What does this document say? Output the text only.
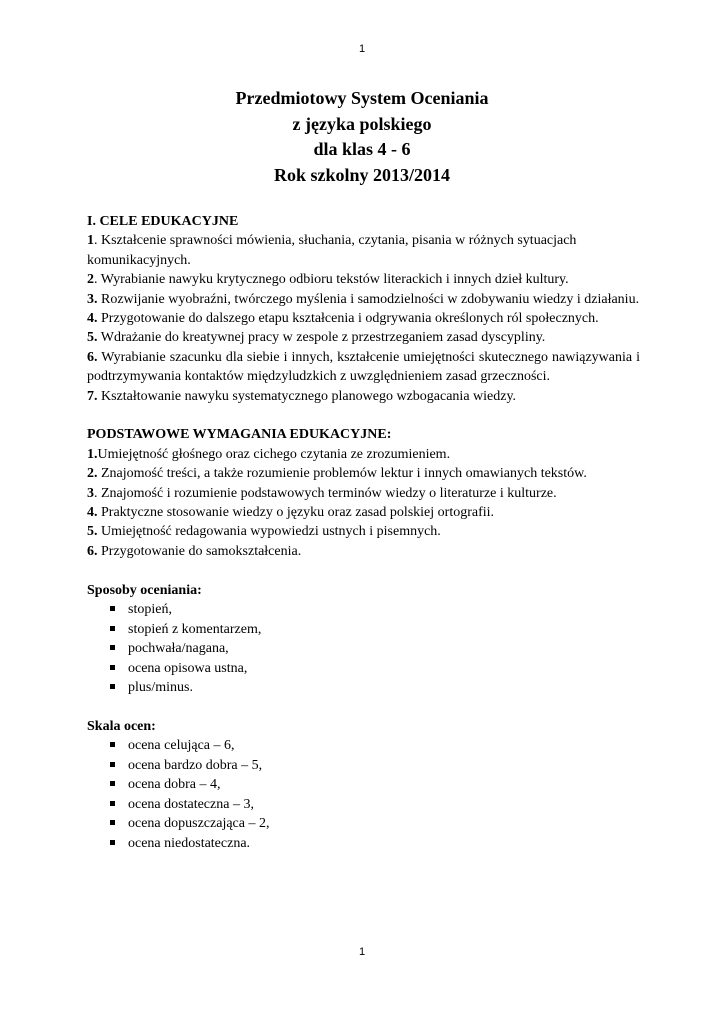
1
Przedmiotowy System Oceniania
z języka polskiego
dla klas 4 - 6
Rok szkolny 2013/2014
I. CELE EDUKACYJNE
1. Kształcenie sprawności mówienia, słuchania, czytania, pisania w różnych sytuacjach komunikacyjnych.
2. Wyrabianie nawyku krytycznego odbioru tekstów literackich i innych dzieł kultury.
3. Rozwijanie wyobraźni, twórczego myślenia i samodzielności w zdobywaniu wiedzy i działaniu.
4. Przygotowanie do dalszego etapu kształcenia i odgrywania określonych ról społecznych.
5. Wdrażanie do kreatywnej pracy w zespole z przestrzeganiem zasad dyscypliny.
6. Wyrabianie szacunku dla siebie i innych, kształcenie umiejętności skutecznego nawiązywania i podtrzymywania kontaktów międzyludzkich z uwzględnieniem zasad grzeczności.
7. Kształtowanie nawyku systematycznego planowego wzbogacania wiedzy.
PODSTAWOWE WYMAGANIA EDUKACYJNE:
1.Umiejętność głośnego oraz cichego czytania ze zrozumieniem.
2. Znajomość treści, a także rozumienie problemów lektur i innych omawianych tekstów.
3. Znajomość i rozumienie podstawowych terminów wiedzy o literaturze i kulturze.
4. Praktyczne stosowanie wiedzy o języku oraz zasad polskiej ortografii.
5. Umiejętność redagowania wypowiedzi ustnych i pisemnych.
6. Przygotowanie do samokształcenia.
Sposoby oceniania:
stopień,
stopień z komentarzem,
pochwała/nagana,
ocena opisowa ustna,
plus/minus.
Skala ocen:
ocena celująca – 6,
ocena bardzo dobra – 5,
ocena dobra – 4,
ocena dostateczna – 3,
ocena dopuszczająca – 2,
ocena niedostateczna.
1
